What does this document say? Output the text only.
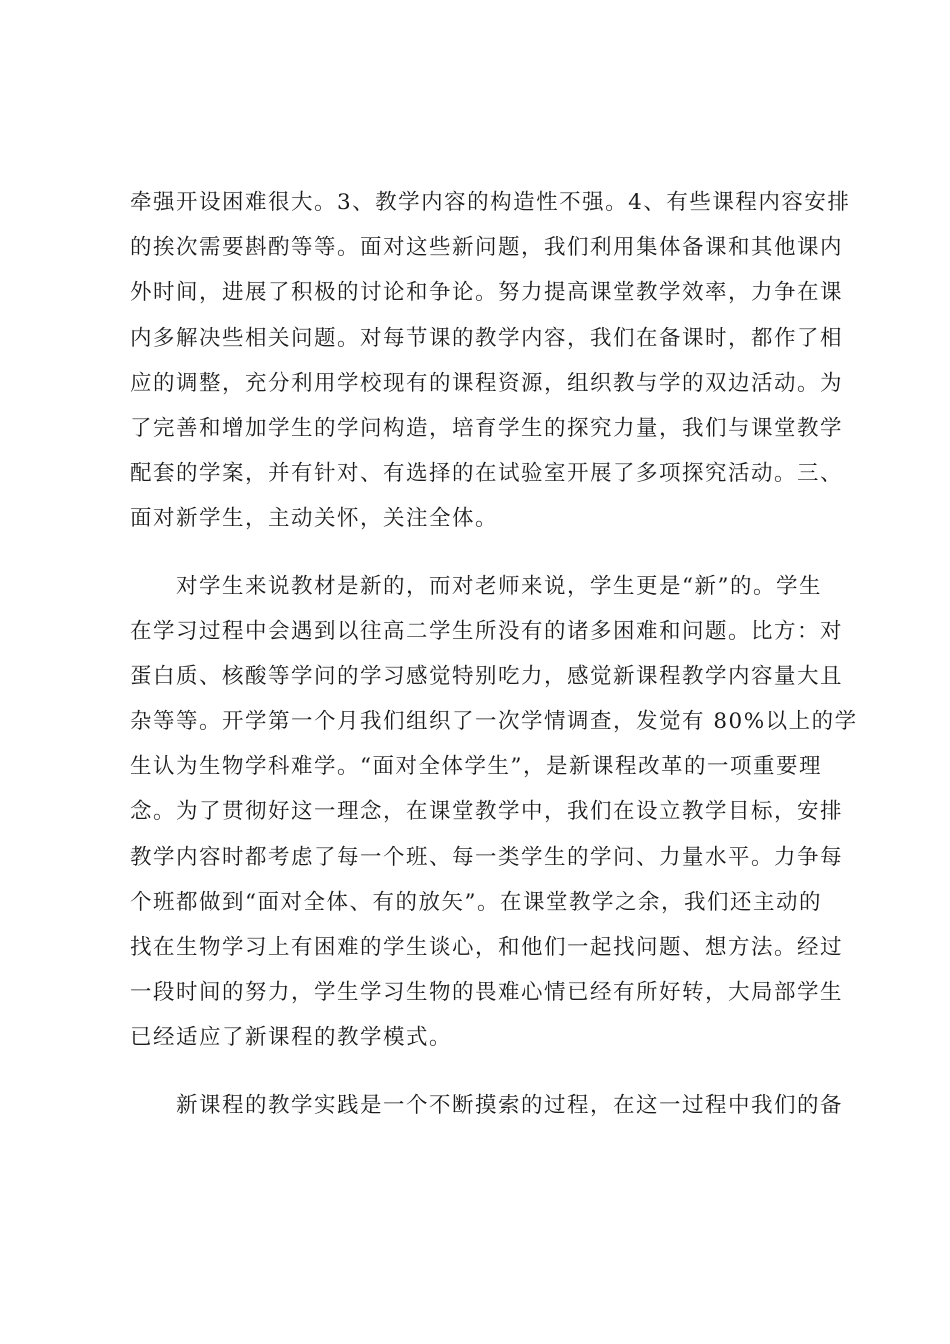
牵强开设困难很大。3、教学内容的构造性不强。4、有些课程内容安排
的挨次需要斟酌等等。面对这些新问题，我们利用集体备课和其他课内
外时间，进展了积极的讨论和争论。努力提高课堂教学效率，力争在课
内多解决些相关问题。对每节课的教学内容，我们在备课时，都作了相
应的调整，充分利用学校现有的课程资源，组织教与学的双边活动。为
了完善和增加学生的学问构造，培育学生的探究力量，我们与课堂教学
配套的学案，并有针对、有选择的在试验室开展了多项探究活动。三、
面对新学生，主动关怀，关注全体。
　　对学生来说教材是新的，而对老师来说，学生更是“新”的。学生
在学习过程中会遇到以往高二学生所没有的诸多困难和问题。比方：对
蛋白质、核酸等学问的学习感觉特别吃力，感觉新课程教学内容量大且
杂等等。开学第一个月我们组织了一次学情调查，发觉有 80%以上的学
生认为生物学科难学。“面对全体学生”，是新课程改革的一项重要理
念。为了贯彻好这一理念，在课堂教学中，我们在设立教学目标，安排
教学内容时都考虑了每一个班、每一类学生的学问、力量水平。力争每
个班都做到“面对全体、有的放矢”。在课堂教学之余，我们还主动的
找在生物学习上有困难的学生谈心，和他们一起找问题、想方法。经过
一段时间的努力，学生学习生物的畏难心情已经有所好转，大局部学生
已经适应了新课程的教学模式。
　　新课程的教学实践是一个不断摸索的过程，在这一过程中我们的备
